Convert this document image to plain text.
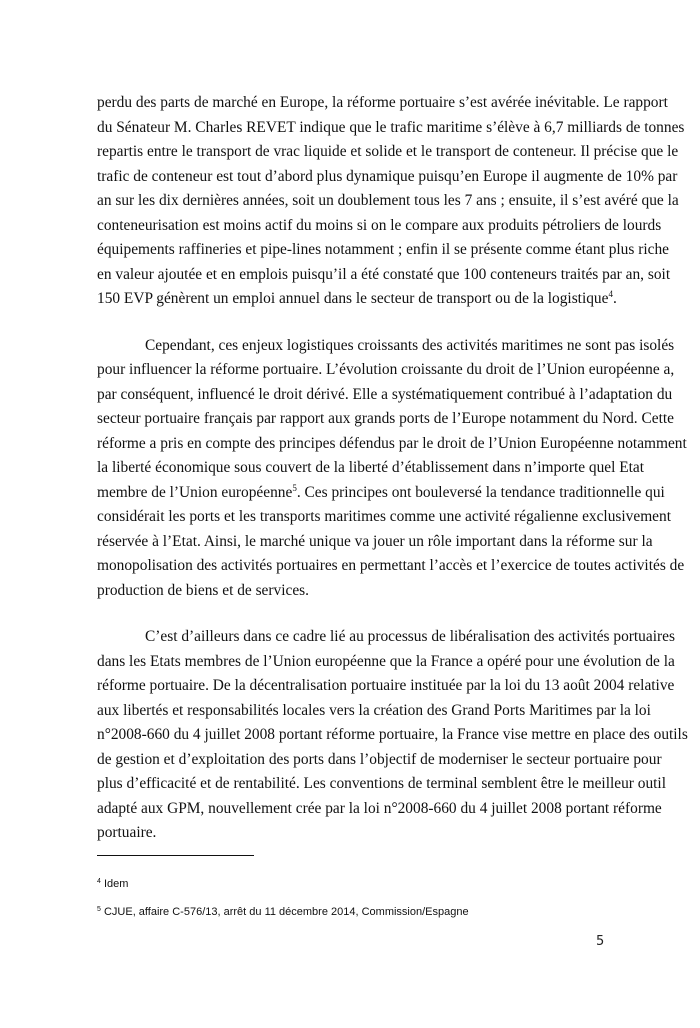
perdu des parts de marché en Europe, la réforme portuaire s’est avérée inévitable. Le rapport
du Sénateur M. Charles REVET indique que le trafic maritime s’élève à 6,7 milliards de tonnes
repartis entre le transport de vrac liquide et solide et le transport de conteneur. Il précise que le
trafic de conteneur est tout d’abord plus dynamique puisqu’en Europe il augmente de 10% par
an sur les dix dernières années, soit un doublement tous les 7 ans ; ensuite, il s’est avéré que la
conteneurisation est moins actif du moins si on le compare aux produits pétroliers de lourds
équipements raffineries et pipe-lines notamment ; enfin il se présente comme étant plus riche
en valeur ajoutée et en emplois puisqu’il a été constaté que 100 conteneurs traités par an, soit
150 EVP génèrent un emploi annuel dans le secteur de transport ou de la logistique$^4$.
Cependant, ces enjeux logistiques croissants des activités maritimes ne sont pas isolés
pour influencer la réforme portuaire. L’évolution croissante du droit de l’Union européenne a,
par conséquent, influencé le droit dérivé. Elle a systématiquement contribué à l’adaptation du
secteur portuaire français par rapport aux grands ports de l’Europe notamment du Nord. Cette
réforme a pris en compte des principes défendus par le droit de l’Union Européenne notamment
la liberté économique sous couvert de la liberté d’établissement dans n’importe quel Etat
membre de l’Union européenne$^5$. Ces principes ont bouleversé la tendance traditionnelle qui
considérait les ports et les transports maritimes comme une activité régalienne exclusivement
réservée à l’Etat. Ainsi, le marché unique va jouer un rôle important dans la réforme sur la
monopolisation des activités portuaires en permettant l’accès et l’exercice de toutes activités de
production de biens et de services.
C’est d’ailleurs dans ce cadre lié au processus de libéralisation des activités portuaires
dans les Etats membres de l’Union européenne que la France a opéré pour une évolution de la
réforme portuaire. De la décentralisation portuaire instituée par la loi du 13 août 2004 relative
aux libertés et responsabilités locales vers la création des Grand Ports Maritimes par la loi
n°2008-660 du 4 juillet 2008 portant réforme portuaire, la France vise mettre en place des outils
de gestion et d’exploitation des ports dans l’objectif de moderniser le secteur portuaire pour
plus d’efficacité et de rentabilité. Les conventions de terminal semblent être le meilleur outil
adapté aux GPM, nouvellement crée par la loi n°2008-660 du 4 juillet 2008 portant réforme
portuaire.
$^4$ Idem
$^5$ CJUE, affaire C-576/13, arrêt du 11 décembre 2014, Commission/Espagne
5
